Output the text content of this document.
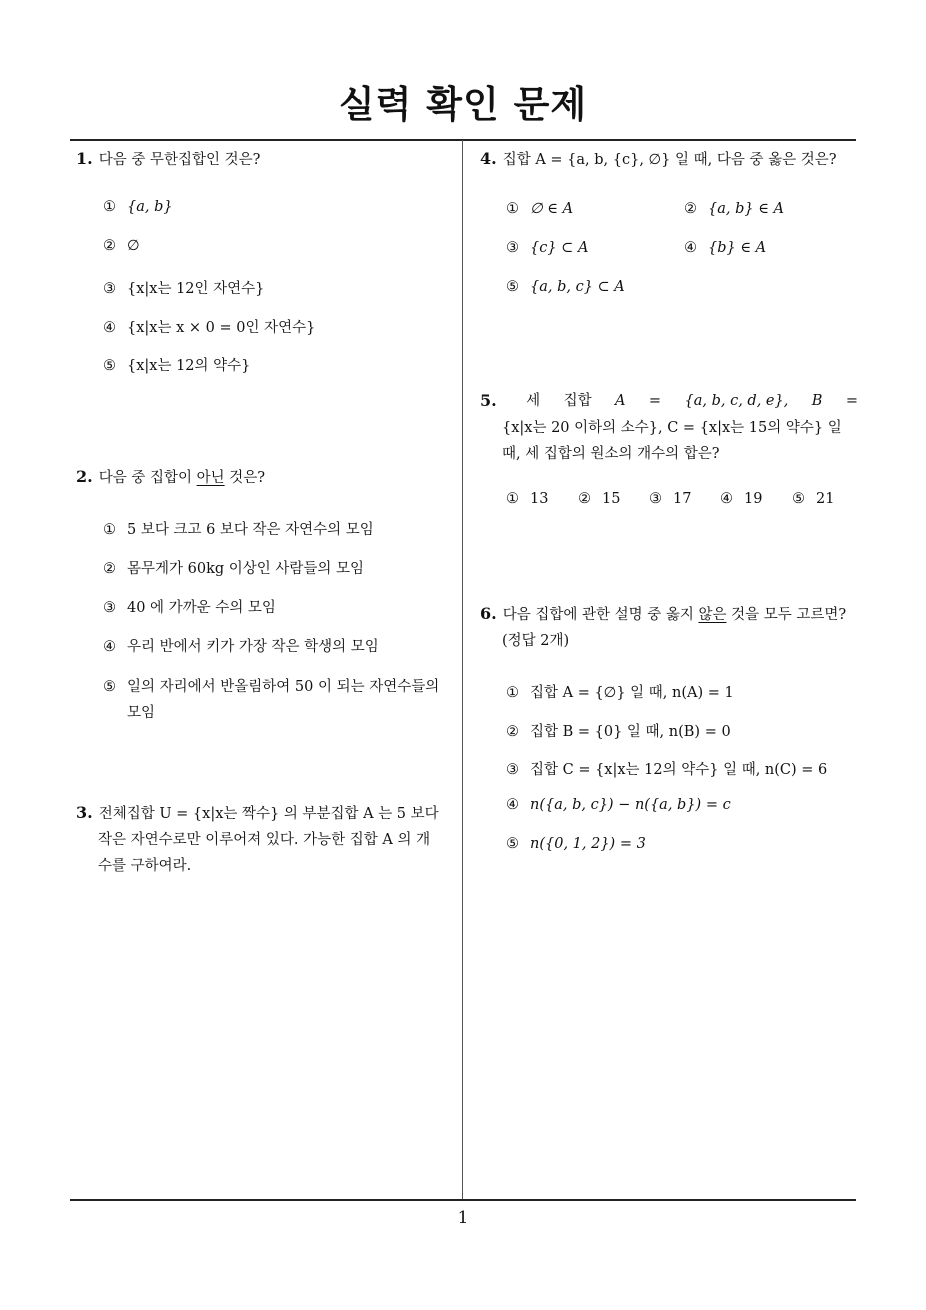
실력 확인 문제
1
1. 다음 중 무한집합인 것은?
① {a, b}
② ∅
③ {x|x는 12인 자연수}
④ {x|x는 x × 0 = 0인 자연수}
⑤ {x|x는 12의 약수}
2. 다음 중 집합이 아닌 것은?
① 5 보다 크고 6 보다 작은 자연수의 모임
② 몸무게가 60kg 이상인 사람들의 모임
③ 40 에 가까운 수의 모임
④ 우리 반에서 키가 가장 작은 학생의 모임
⑤ 일의 자리에서 반올림하여 50 이 되는 자연수들의
모임
3. 전체집합 U = {x|x는 짝수} 의 부분집합 A 는 5 보다
작은 자연수로만 이루어져 있다. 가능한 집합 A 의 개
수를 구하여라.
4. 집합 A = {a, b, {c}, ∅} 일 때, 다음 중 옳은 것은?
① ∅ ∈ A	② {a, b} ∈ A
③ {c} ⊂ A	④ {b} ∈ A
⑤ {a, b, c} ⊂ A
5.	세 집합 A = {a, b, c, d, e}, B =
{x|x는 20 이하의 소수}, C = {x|x는 15의 약수} 일
때, 세 집합의 원소의 개수의 합은?
① 13 ② 15 ③ 17 ④ 19 ⑤ 21
6. 다음 집합에 관한 설명 중 옳지 않은 것을 모두 고르면?
(정답 2개)
① 집합 A = {∅} 일 때, n(A) = 1
② 집합 B = {0} 일 때, n(B) = 0
③ 집합 C = {x|x는 12의 약수} 일 때, n(C) = 6
④ n({a, b, c}) − n({a, b}) = c
⑤ n({0, 1, 2}) = 3
